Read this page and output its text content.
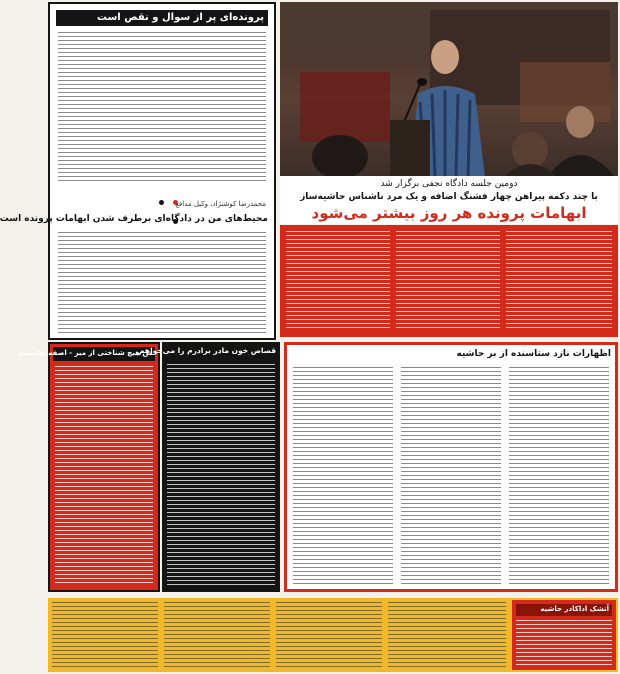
پرونده‌ای پر از سوال و نقص است

محمدرضا کوشنژاد، وکیل مدافع
محیط‌های من در دادگاه‌ای برطرف شدن ابهامات پرونده است
دومین جلسه دادگاه نجفی برگزار شد
با چند دکمه پیراهن چهار فشنگ اضافه و یک مرد ناشناس حاشیه‌ساز
ابهامات پرونده هر روز بیشتر می‌شود
من هیچ شناختی از میر - اصفه ندانستم
قصاص خون مادر برادرم را می‌خواهم	اظهارات نازد ستاسنده از بر حاشیه
آتشک اداکادر حاشیه
